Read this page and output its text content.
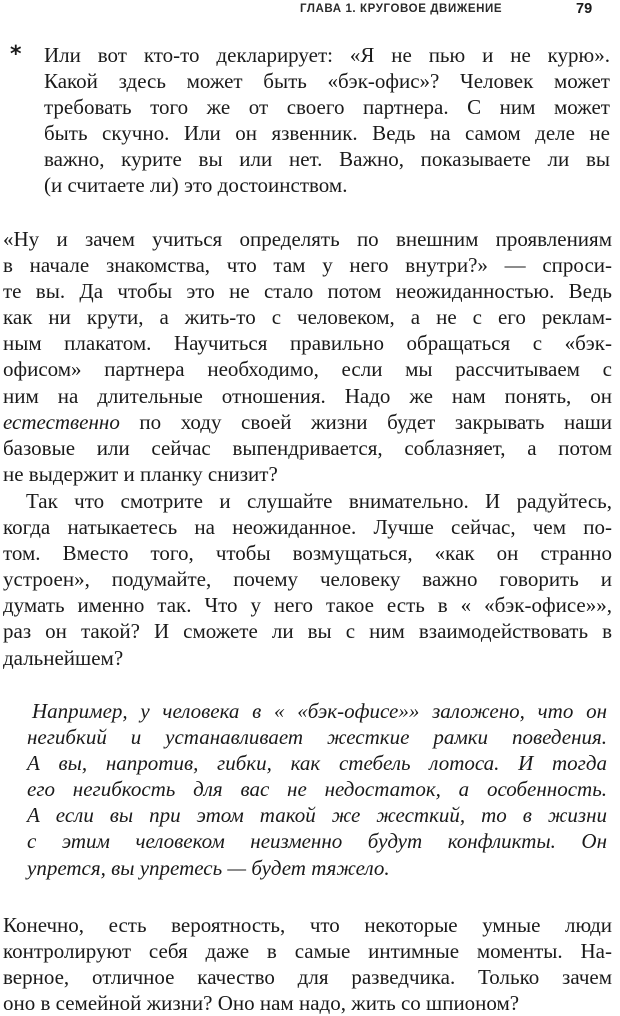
ГЛАВА 1. КРУГОВОЕ ДВИЖЕНИЕ	79
* Или вот кто-то декларирует: «Я не пью и не курю».
Какой здесь может быть «бэк-офис»? Человек может
требовать того же от своего партнера. С ним может
быть скучно. Или он язвенник. Ведь на самом деле не
важно, курите вы или нет. Важно, показываете ли вы
(и считаете ли) это достоинством.
«Ну и зачем учиться определять по внешним проявлениям
в начале знакомства, что там у него внутри?» — спроси-
те вы. Да чтобы это не стало потом неожиданностью. Ведь
как ни крути, а жить-то с человеком, а не с его реклам-
ным плакатом. Научиться правильно обращаться с «бэк-
офисом» партнера необходимо, если мы рассчитываем с
ним на длительные отношения. Надо же нам понять, он
естественно по ходу своей жизни будет закрывать наши
базовые или сейчас выпендривается, соблазняет, а потом
не выдержит и планку снизит?
Так что смотрите и слушайте внимательно. И радуйтесь,
когда натыкаетесь на неожиданное. Лучше сейчас, чем по-
том. Вместо того, чтобы возмущаться, «как он странно
устроен», подумайте, почему человеку важно говорить и
думать именно так. Что у него такое есть в « «бэк-офисе»»,
раз он такой? И сможете ли вы с ним взаимодействовать в
дальнейшем?
Например, у человека в « «бэк-офисе»» заложено, что он
негибкий и устанавливает жесткие рамки поведения.
А вы, напротив, гибки, как стебель лотоса. И тогда
его негибкость для вас не недостаток, а особенность.
А если вы при этом такой же жесткий, то в жизни
с этим человеком неизменно будут конфликты. Он
упрется, вы упретесь — будет тяжело.
Конечно, есть вероятность, что некоторые умные люди
контролируют себя даже в самые интимные моменты. На-
верное, отличное качество для разведчика. Только зачем
оно в семейной жизни? Оно нам надо, жить со шпионом?
